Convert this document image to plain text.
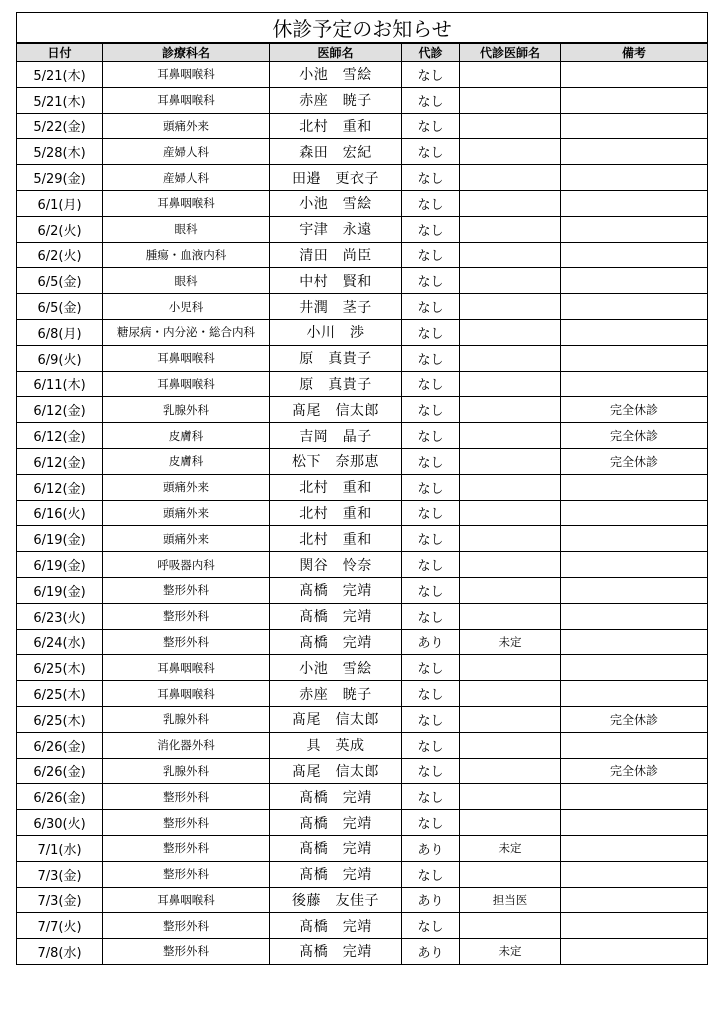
休診予定のお知らせ					
日付	診療科名	医師名	代診	代診医師名	備考
5/21(木)	耳鼻咽喉科	小池　雪絵	なし		
5/21(木)	耳鼻咽喉科	赤座　暁子	なし		
5/22(金)	頭痛外来	北村　重和	なし		
5/28(木)	産婦人科	森田　宏紀	なし		
5/29(金)	産婦人科	田邉　更衣子	なし		
6/1(月)	耳鼻咽喉科	小池　雪絵	なし		
6/2(火)	眼科	宇津　永遠	なし		
6/2(火)	腫瘍・血液内科	清田　尚臣	なし		
6/5(金)	眼科	中村　賢和	なし		
6/5(金)	小児科	井潤　茎子	なし		
6/8(月)	糖尿病・内分泌・総合内科	小川　渉	なし		
6/9(火)	耳鼻咽喉科	原　真貴子	なし		
6/11(木)	耳鼻咽喉科	原　真貴子	なし		
6/12(金)	乳腺外科	髙尾　信太郎	なし		完全休診
6/12(金)	皮膚科	吉岡　晶子	なし		完全休診
6/12(金)	皮膚科	松下　奈那恵	なし		完全休診
6/12(金)	頭痛外来	北村　重和	なし		
6/16(火)	頭痛外来	北村　重和	なし		
6/19(金)	頭痛外来	北村　重和	なし		
6/19(金)	呼吸器内科	関谷　怜奈	なし		
6/19(金)	整形外科	髙橋　完靖	なし		
6/23(火)	整形外科	髙橋　完靖	なし		
6/24(水)	整形外科	髙橋　完靖	あり	未定	
6/25(木)	耳鼻咽喉科	小池　雪絵	なし		
6/25(木)	耳鼻咽喉科	赤座　暁子	なし		
6/25(木)	乳腺外科	髙尾　信太郎	なし		完全休診
6/26(金)	消化器外科	具　英成	なし		
6/26(金)	乳腺外科	髙尾　信太郎	なし		完全休診
6/26(金)	整形外科	髙橋　完靖	なし		
6/30(火)	整形外科	髙橋　完靖	なし		
7/1(水)	整形外科	髙橋　完靖	あり	未定	
7/3(金)	整形外科	髙橋　完靖	なし		
7/3(金)	耳鼻咽喉科	後藤　友佳子	あり	担当医	
7/7(火)	整形外科	髙橋　完靖	なし		
7/8(水)	整形外科	髙橋　完靖	あり	未定	
